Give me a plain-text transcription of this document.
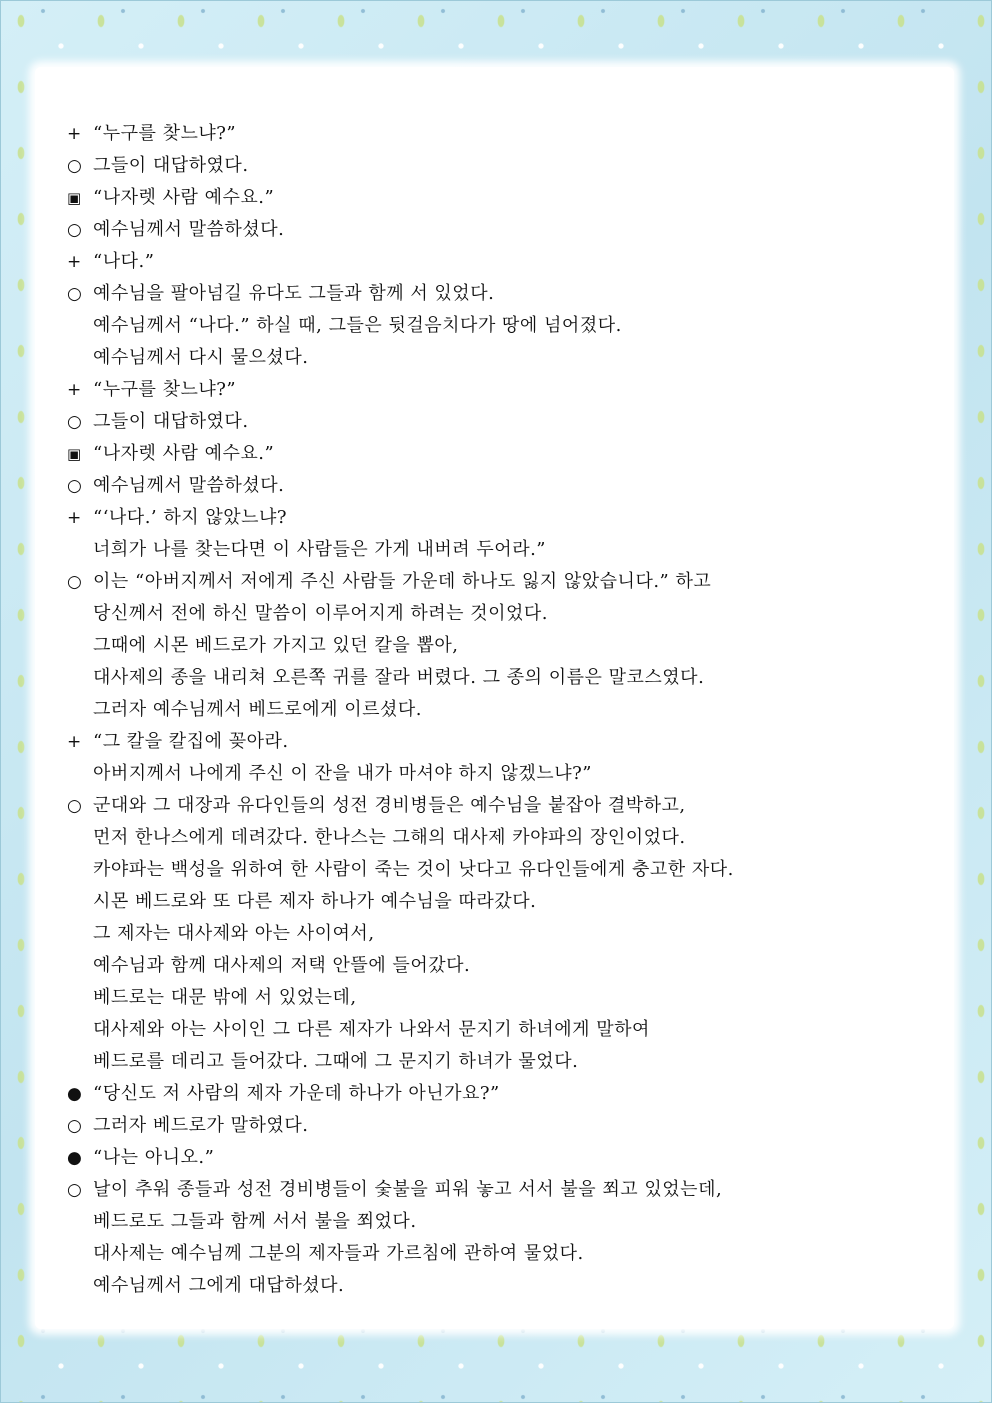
+ “누구를 찾느냐?”
○ 그들이 대답하였다.
▣ “나자렛 사람 예수요.”
○ 예수님께서 말씀하셨다.
+ “나다.”
○ 예수님을 팔아넘길 유다도 그들과 함께 서 있었다.
예수님께서 “나다.” 하실 때, 그들은 뒷걸음치다가 땅에 넘어졌다.
예수님께서 다시 물으셨다.
+ “누구를 찾느냐?”
○ 그들이 대답하였다.
▣ “나자렛 사람 예수요.”
○ 예수님께서 말씀하셨다.
+ “‘나다.’ 하지 않았느냐?
너희가 나를 찾는다면 이 사람들은 가게 내버려 두어라.”
○ 이는 “아버지께서 저에게 주신 사람들 가운데 하나도 잃지 않았습니다.” 하고
당신께서 전에 하신 말씀이 이루어지게 하려는 것이었다.
그때에 시몬 베드로가 가지고 있던 칼을 뽑아,
대사제의 종을 내리쳐 오른쪽 귀를 잘라 버렸다. 그 종의 이름은 말코스였다.
그러자 예수님께서 베드로에게 이르셨다.
+ “그 칼을 칼집에 꽂아라.
아버지께서 나에게 주신 이 잔을 내가 마셔야 하지 않겠느냐?”
○ 군대와 그 대장과 유다인들의 성전 경비병들은 예수님을 붙잡아 결박하고,
먼저 한나스에게 데려갔다. 한나스는 그해의 대사제 카야파의 장인이었다.
카야파는 백성을 위하여 한 사람이 죽는 것이 낫다고 유다인들에게 충고한 자다.
시몬 베드로와 또 다른 제자 하나가 예수님을 따라갔다.
그 제자는 대사제와 아는 사이여서,
예수님과 함께 대사제의 저택 안뜰에 들어갔다.
베드로는 대문 밖에 서 있었는데,
대사제와 아는 사이인 그 다른 제자가 나와서 문지기 하녀에게 말하여
베드로를 데리고 들어갔다. 그때에 그 문지기 하녀가 물었다.
● “당신도 저 사람의 제자 가운데 하나가 아닌가요?”
○ 그러자 베드로가 말하였다.
● “나는 아니오.”
○ 날이 추워 종들과 성전 경비병들이 숯불을 피워 놓고 서서 불을 쬐고 있었는데,
베드로도 그들과 함께 서서 불을 쬐었다.
대사제는 예수님께 그분의 제자들과 가르침에 관하여 물었다.
예수님께서 그에게 대답하셨다.
